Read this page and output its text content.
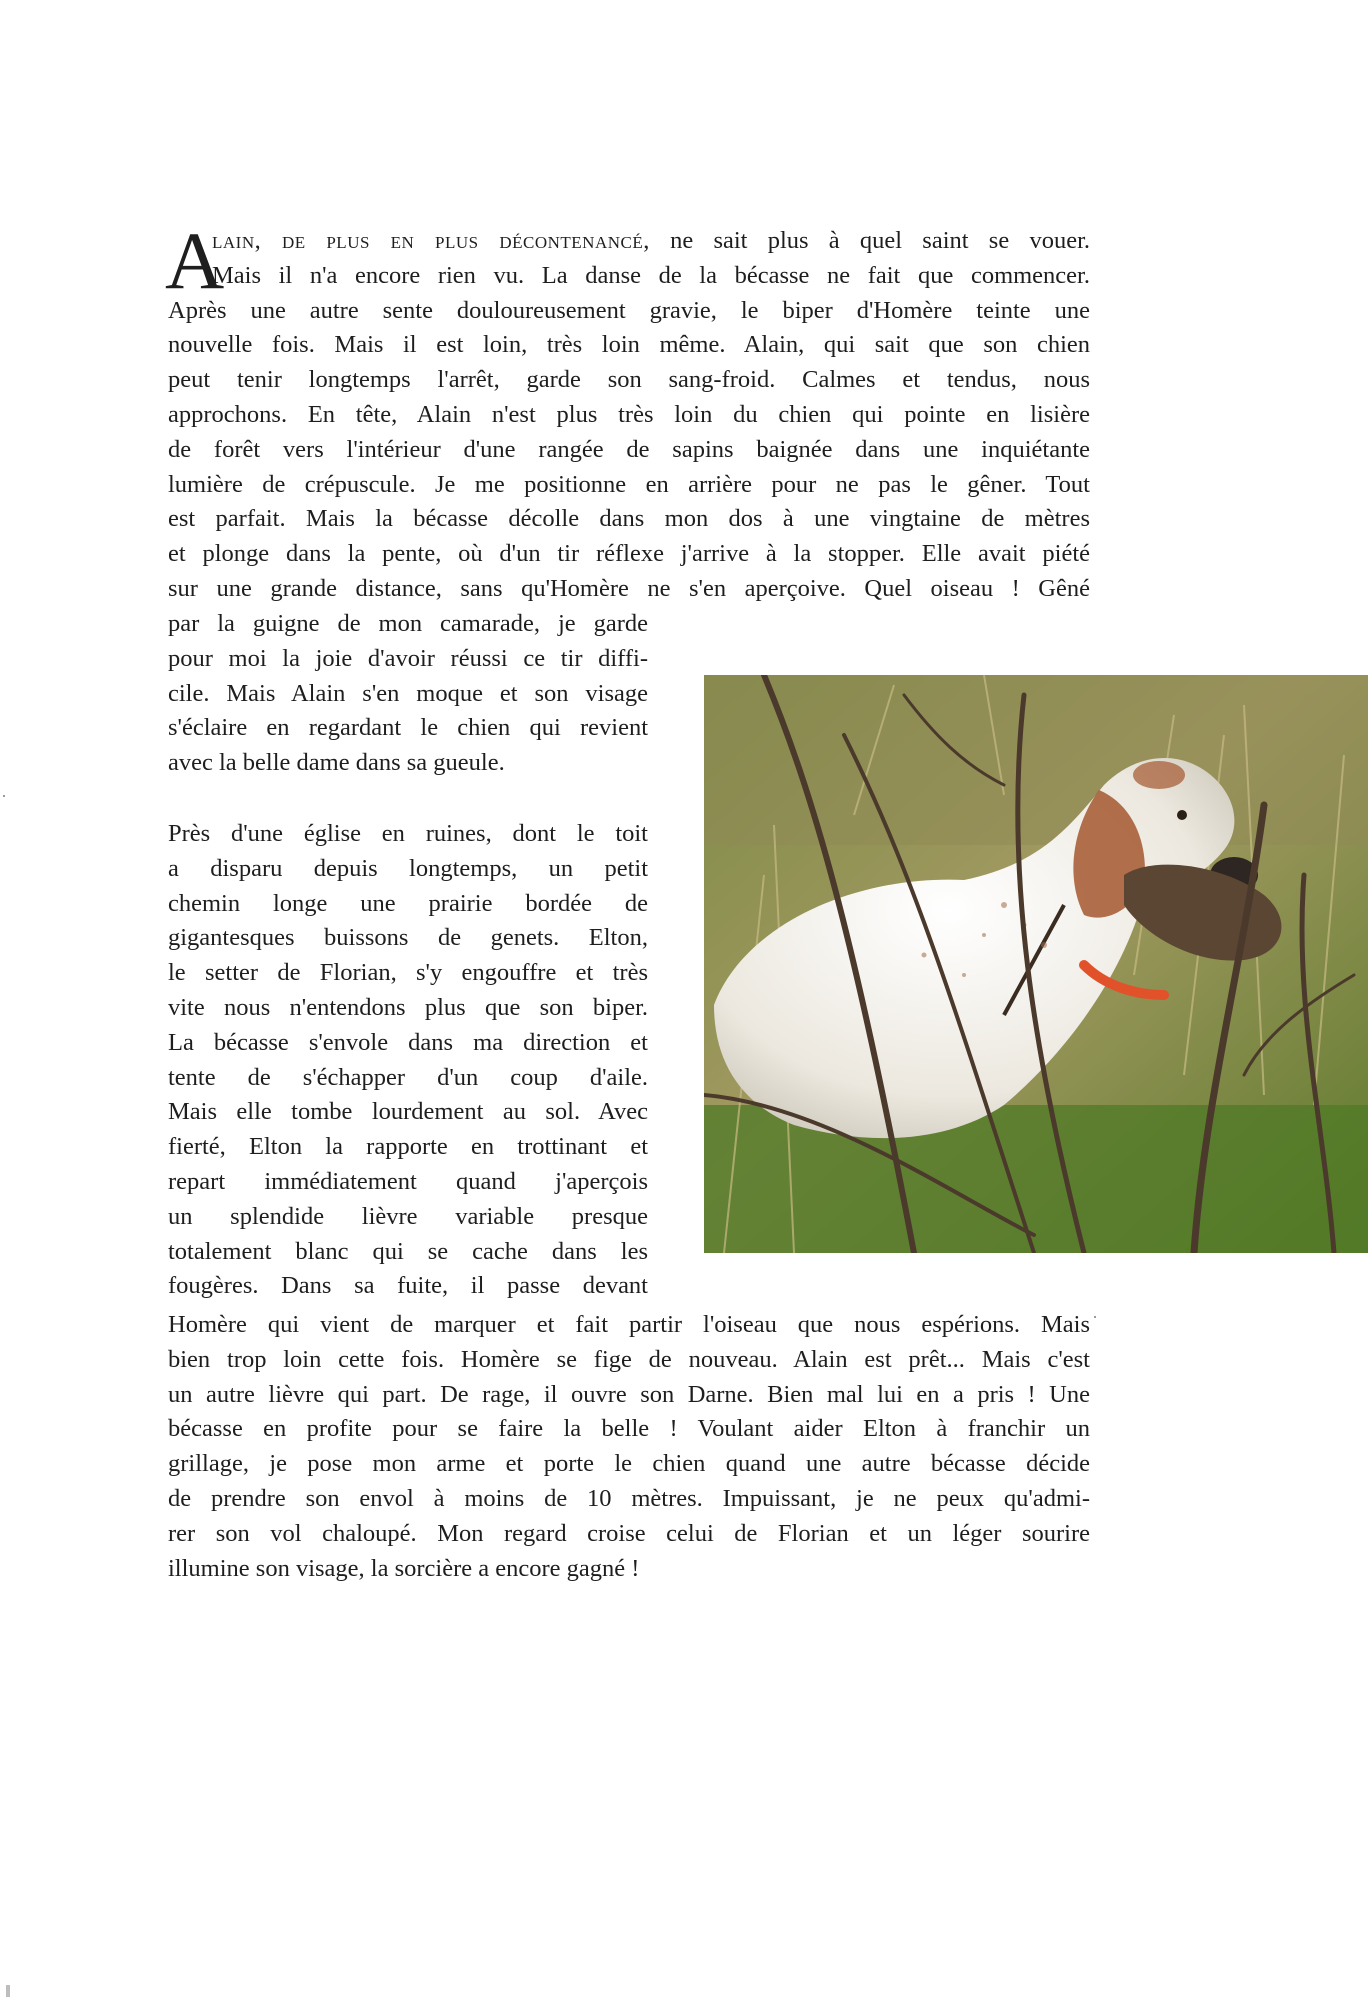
A
lain, de plus en plus décontenancé, ne sait plus à quel saint se vouer.
Mais il n'a encore rien vu. La danse de la bécasse ne fait que commencer.
Après une autre sente douloureusement gravie, le biper d'Homère teinte une
nouvelle fois. Mais il est loin, très loin même. Alain, qui sait que son chien
peut tenir longtemps l'arrêt, garde son sang-froid. Calmes et tendus, nous
approchons. En tête, Alain n'est plus très loin du chien qui pointe en lisière
de forêt vers l'intérieur d'une rangée de sapins baignée dans une inquiétante
lumière de crépuscule. Je me positionne en arrière pour ne pas le gêner. Tout
est parfait. Mais la bécasse décolle dans mon dos à une vingtaine de mètres
et plonge dans la pente, où d'un tir réflexe j'arrive à la stopper. Elle avait piété
sur une grande distance, sans qu'Homère ne s'en aperçoive. Quel oiseau ! Gêné
par la guigne de mon camarade, je garde
pour moi la joie d'avoir réussi ce tir diffi-
cile. Mais Alain s'en moque et son visage
s'éclaire en regardant le chien qui revient
avec la belle dame dans sa gueule.
Près d'une église en ruines, dont le toit
a disparu depuis longtemps, un petit
chemin longe une prairie bordée de
gigantesques buissons de genets. Elton,
le setter de Florian, s'y engouffre et très
vite nous n'entendons plus que son biper.
La bécasse s'envole dans ma direction et
tente de s'échapper d'un coup d'aile.
Mais elle tombe lourdement au sol. Avec
fierté, Elton la rapporte en trottinant et
repart immédiatement quand j'aperçois
un splendide lièvre variable presque
totalement blanc qui se cache dans les
fougères. Dans sa fuite, il passe devant
Homère qui vient de marquer et fait partir l'oiseau que nous espérions. Mais
bien trop loin cette fois. Homère se fige de nouveau. Alain est prêt... Mais c'est
un autre lièvre qui part. De rage, il ouvre son Darne. Bien mal lui en a pris ! Une
bécasse en profite pour se faire la belle ! Voulant aider Elton à franchir un
grillage, je pose mon arme et porte le chien quand une autre bécasse décide
de prendre son envol à moins de 10 mètres. Impuissant, je ne peux qu'admi-
rer son vol chaloupé. Mon regard croise celui de Florian et un léger sourire
illumine son visage, la sorcière a encore gagné !
